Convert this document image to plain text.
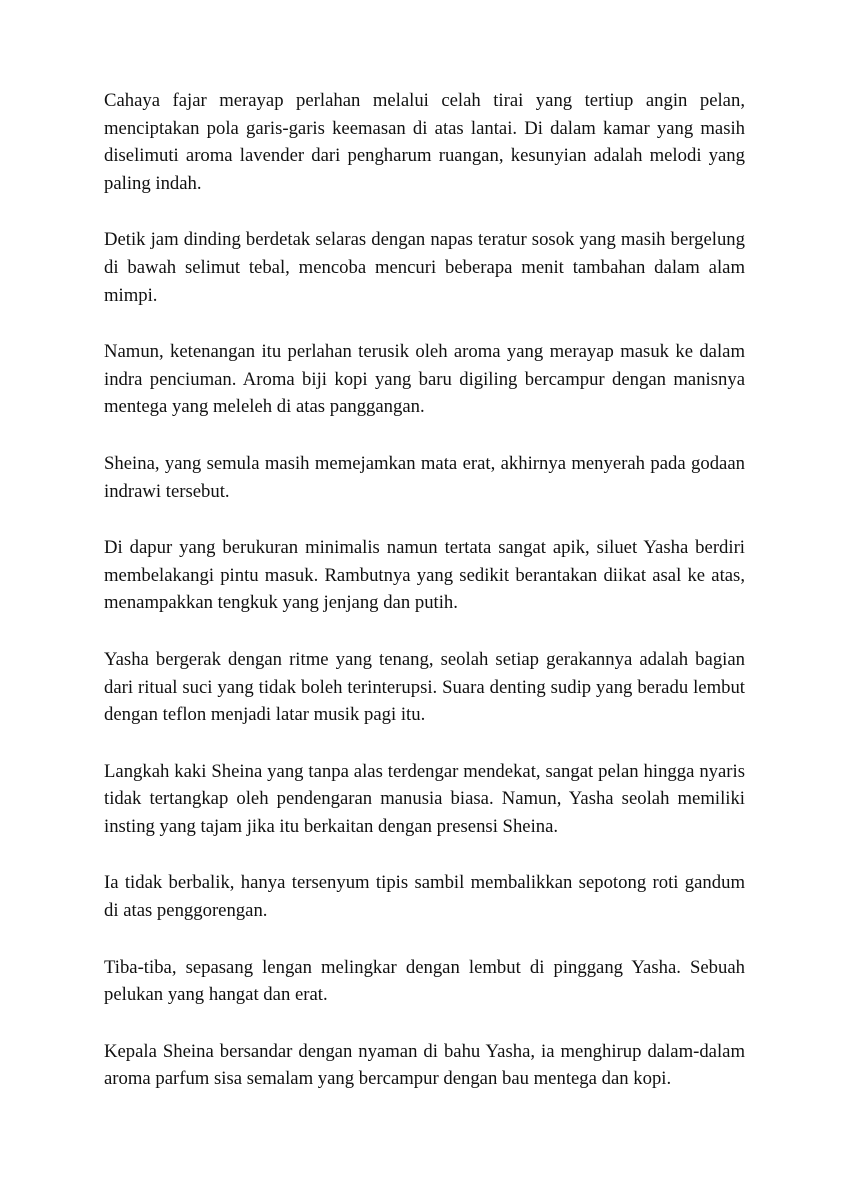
Cahaya fajar merayap perlahan melalui celah tirai yang tertiup angin pelan, menciptakan pola garis-garis keemasan di atas lantai. Di dalam kamar yang masih diselimuti aroma lavender dari pengharum ruangan, kesunyian adalah melodi yang paling indah.

Detik jam dinding berdetak selaras dengan napas teratur sosok yang masih bergelung di bawah selimut tebal, mencoba mencuri beberapa menit tambahan dalam alam mimpi.

Namun, ketenangan itu perlahan terusik oleh aroma yang merayap masuk ke dalam indra penciuman. Aroma biji kopi yang baru digiling bercampur dengan manisnya mentega yang meleleh di atas panggangan.

Sheina, yang semula masih memejamkan mata erat, akhirnya menyerah pada godaan indrawi tersebut.

Di dapur yang berukuran minimalis namun tertata sangat apik, siluet Yasha berdiri membelakangi pintu masuk. Rambutnya yang sedikit berantakan diikat asal ke atas, menampakkan tengkuk yang jenjang dan putih.

Yasha bergerak dengan ritme yang tenang, seolah setiap gerakannya adalah bagian dari ritual suci yang tidak boleh terinterupsi. Suara denting sudip yang beradu lembut dengan teflon menjadi latar musik pagi itu.

Langkah kaki Sheina yang tanpa alas terdengar mendekat, sangat pelan hingga nyaris tidak tertangkap oleh pendengaran manusia biasa. Namun, Yasha seolah memiliki insting yang tajam jika itu berkaitan dengan presensi Sheina.

Ia tidak berbalik, hanya tersenyum tipis sambil membalikkan sepotong roti gandum di atas penggorengan.

Tiba-tiba, sepasang lengan melingkar dengan lembut di pinggang Yasha. Sebuah pelukan yang hangat dan erat.

Kepala Sheina bersandar dengan nyaman di bahu Yasha, ia menghirup dalam-dalam aroma parfum sisa semalam yang bercampur dengan bau mentega dan kopi.
